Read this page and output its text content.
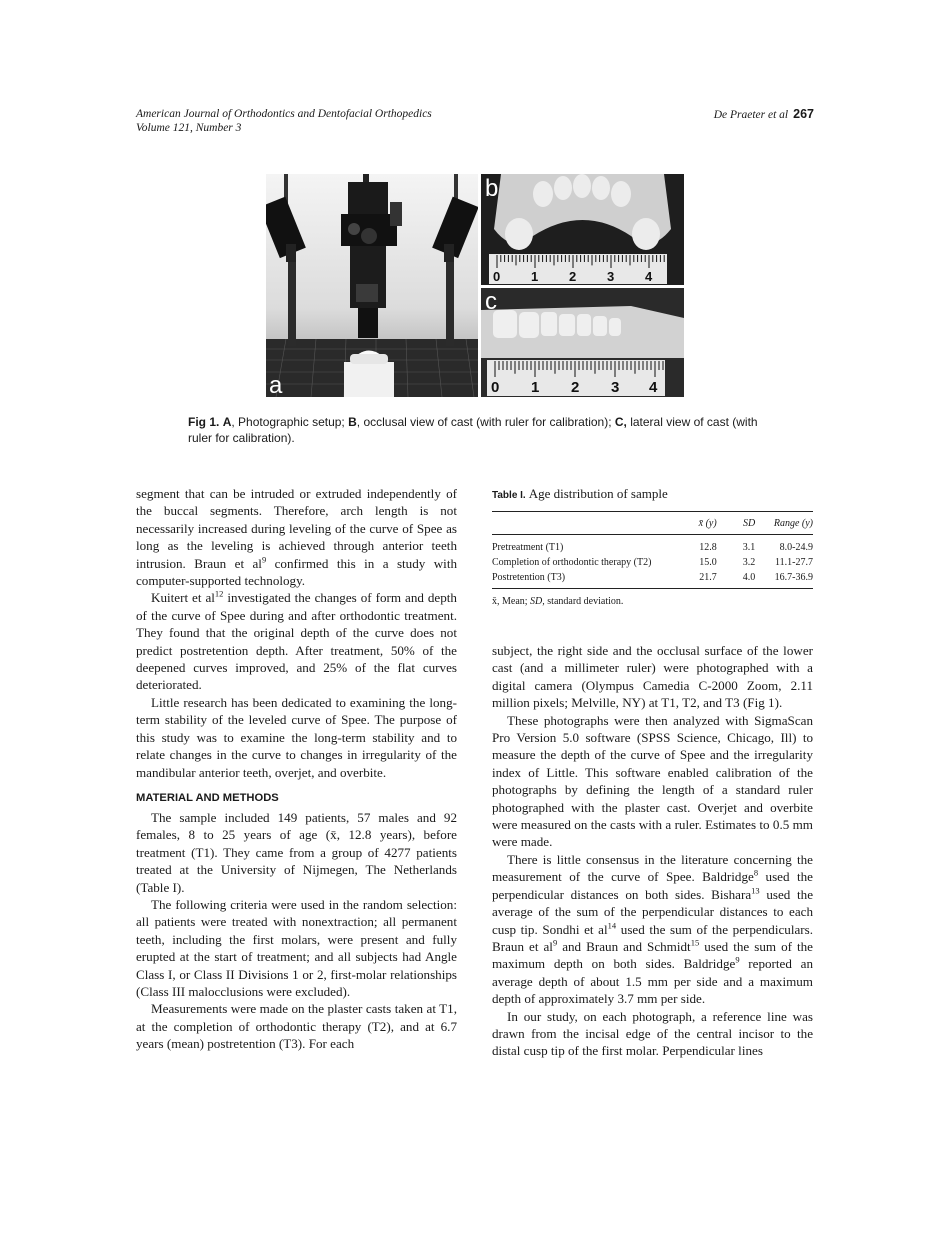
American Journal of Orthodontics and Dentofacial Orthopedics
Volume 121, Number 3
De Praeter et al 267
a
b
0 1 2 3 4
c
0 1 2 3 4
Fig 1. A, Photographic setup; B, occlusal view of cast (with ruler for calibration); C, lateral view of cast (with ruler for calibration).

segment that can be intruded or extruded independently of the buccal segments. Therefore, arch length is not necessarily increased during leveling of the curve of Spee as long as the leveling is achieved through anterior teeth intrusion. Braun et $al^9$ confirmed this in a study with computer-supported technology.

Kuitert et $al^{12}$ investigated the changes of form and depth of the curve of Spee during and after orthodontic treatment. They found that the original depth of the curve does not predict postretention depth. After treatment, 50% of the deepened curves improved, and 25% of the flat curves deteriorated.

Little research has been dedicated to examining the long-term stability of the leveled curve of Spee. The purpose of this study was to examine the long-term stability and to relate changes in the curve to changes in irregularity of the mandibular anterior teeth, overjet, and overbite.

MATERIAL AND METHODS

The sample included 149 patients, 57 males and 92 females, 8 to 25 years of age (x̄, 12.8 years), before treatment (T1). They came from a group of 4277 patients treated at the University of Nijmegen, The Netherlands (Table I).

The following criteria were used in the random selection: all patients were treated with nonextraction; all permanent teeth, including the first molars, were present and fully erupted at the start of treatment; and all subjects had Angle Class I, or Class II Divisions 1 or 2, first-molar relationships (Class III malocclusions were excluded).

Measurements were made on the plaster casts taken at T1, at the completion of orthodontic therapy (T2), and at 6.7 years (mean) postretention (T3). For each

Table I. Age distribution of sample
	x̄ (y)	SD	Range (y)
Pretreatment (T1)	12.8	3.1	8.0-24.9
Completion of orthodontic therapy (T2)	15.0	3.2	11.1-27.7
Postretention (T3)	21.7	4.0	16.7-36.9
x̄, Mean; SD, standard deviation.

subject, the right side and the occlusal surface of the lower cast (and a millimeter ruler) were photographed with a digital camera (Olympus Camedia C-2000 Zoom, 2.11 million pixels; Melville, NY) at T1, T2, and T3 (Fig 1).

These photographs were then analyzed with SigmaScan Pro Version 5.0 software (SPSS Science, Chicago, Ill) to measure the depth of the curve of Spee and the irregularity index of Little. This software enabled calibration of the photographs by defining the length of a standard ruler photographed with the plaster cast. Overjet and overbite were measured on the casts with a ruler. Estimates to 0.5 mm were made.

There is little consensus in the literature concerning the measurement of the curve of Spee. Baldridge$^8$ used the perpendicular distances on both sides. Bishara$^{13}$ used the average of the sum of the perpendicular distances to each cusp tip. Sondhi et $al^{14}$ used the sum of the perpendiculars. Braun et $al^9$ and Braun and Schmidt$^{15}$ used the sum of the maximum depth on both sides. Baldridge$^9$ reported an average depth of about 1.5 mm per side and a maximum depth of approximately 3.7 mm per side.

In our study, on each photograph, a reference line was drawn from the incisal edge of the central incisor to the distal cusp tip of the first molar. Perpendicular lines
